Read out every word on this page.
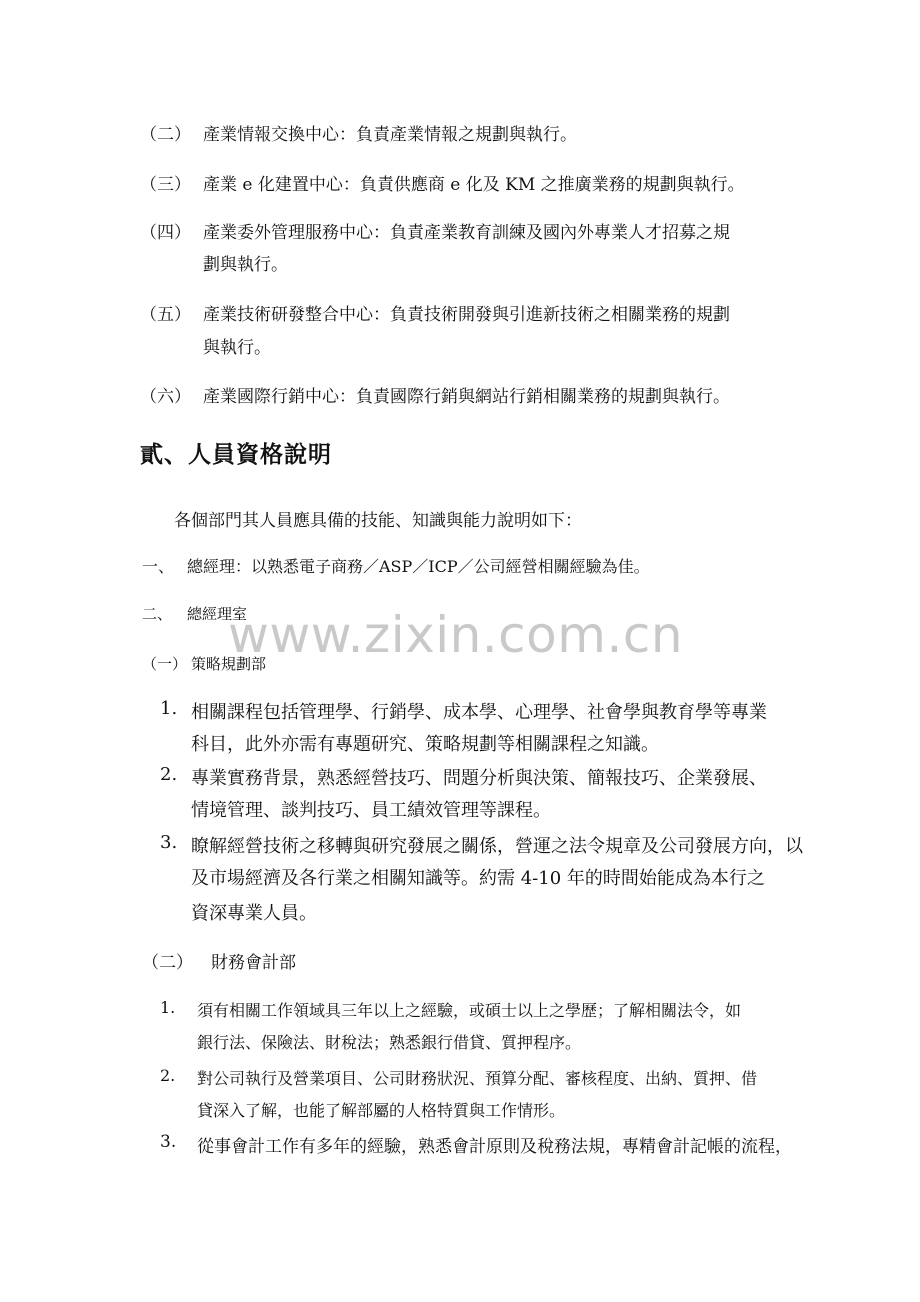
（二） 產業情報交換中心：負責產業情報之規劃與執行。
（三） 產業 e 化建置中心：負責供應商 e 化及 KM 之推廣業務的規劃與執行。
（四） 產業委外管理服務中心：負責產業教育訓練及國內外專業人才招募之規
劃與執行。
（五） 產業技術研發整合中心：負責技術開發與引進新技術之相關業務的規劃
與執行。
（六） 產業國際行銷中心：負責國際行銷與網站行銷相關業務的規劃與執行。
貳、人員資格說明
各個部門其人員應具備的技能、知識與能力說明如下：
一、 總經理：以熟悉電子商務／ASP／ICP／公司經營相關經驗為佳。
二、 總經理室
www.zixin.com.cn
（一） 策略規劃部
1. 相關課程包括管理學、行銷學、成本學、心理學、社會學與教育學等專業
科目，此外亦需有專題研究、策略規劃等相關課程之知識。
2. 專業實務背景，熟悉經營技巧、問題分析與決策、簡報技巧、企業發展、
情境管理、談判技巧、員工績效管理等課程。
3. 瞭解經營技術之移轉與研究發展之關係，營運之法令規章及公司發展方向，以
及市場經濟及各行業之相關知識等。約需 4-10 年的時間始能成為本行之
資深專業人員。
（二） 財務會計部
1. 須有相關工作領域具三年以上之經驗，或碩士以上之學歷；了解相關法令，如
銀行法、保險法、財稅法；熟悉銀行借貸、質押程序。
2. 對公司執行及營業項目、公司財務狀況、預算分配、審核程度、出納、質押、借
貸深入了解，也能了解部屬的人格特質與工作情形。
3. 從事會計工作有多年的經驗，熟悉會計原則及稅務法規，專精會計記帳的流程，
